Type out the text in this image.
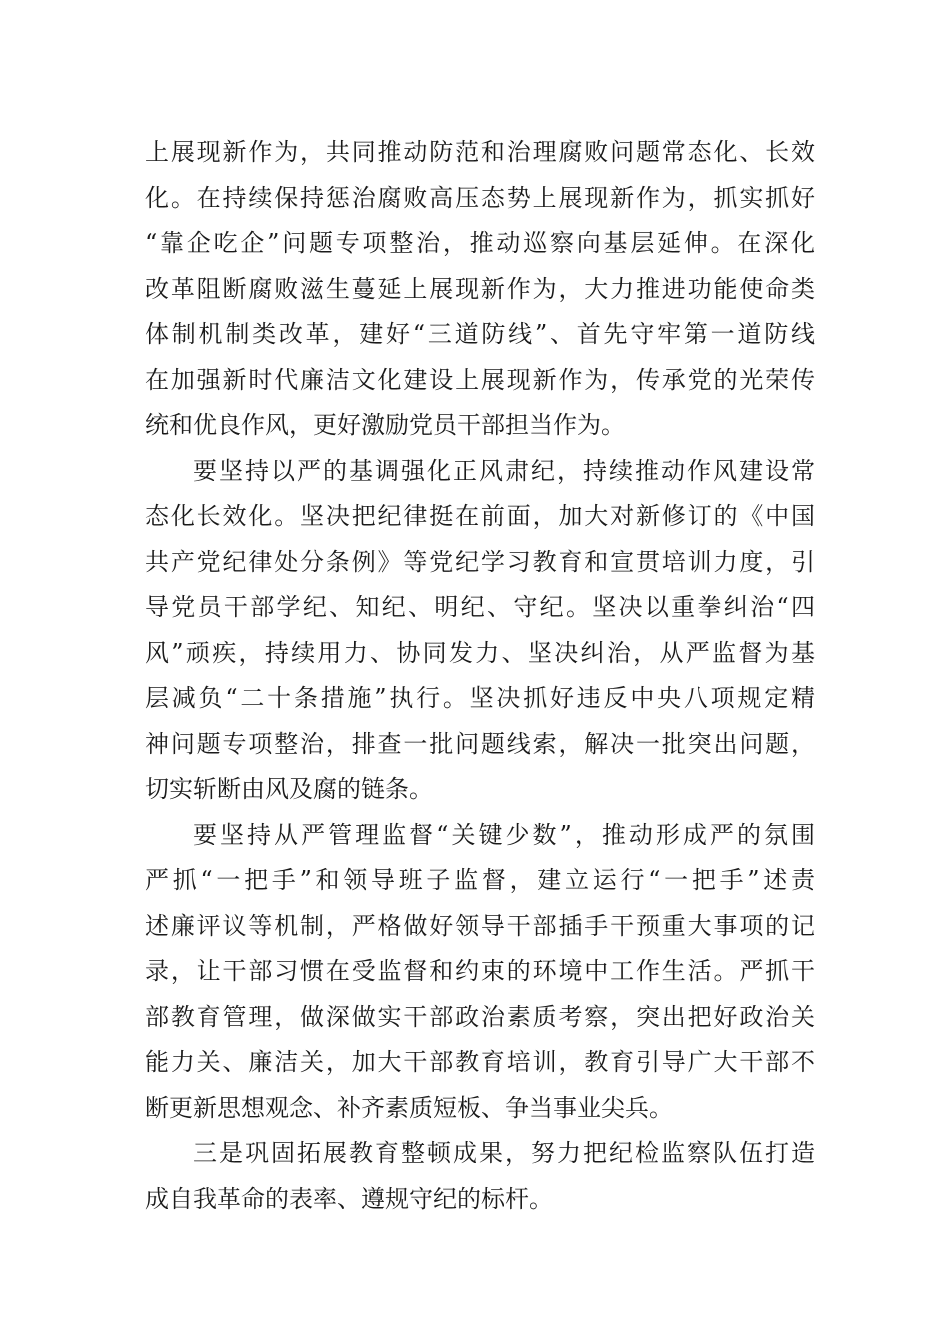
上展现新作为，共同推动防范和治理腐败问题常态化、长效
化。在持续保持惩治腐败高压态势上展现新作为，抓实抓好
“靠企吃企”问题专项整治，推动巡察向基层延伸。在深化
改革阻断腐败滋生蔓延上展现新作为，大力推进功能使命类
体制机制类改革，建好“三道防线”、首先守牢第一道防线
在加强新时代廉洁文化建设上展现新作为，传承党的光荣传
统和优良作风，更好激励党员干部担当作为。
要坚持以严的基调强化正风肃纪，持续推动作风建设常
态化长效化。坚决把纪律挺在前面，加大对新修订的《中国
共产党纪律处分条例》等党纪学习教育和宣贯培训力度，引
导党员干部学纪、知纪、明纪、守纪。坚决以重拳纠治“四
风”顽疾，持续用力、协同发力、坚决纠治，从严监督为基
层减负“二十条措施”执行。坚决抓好违反中央八项规定精
神问题专项整治，排查一批问题线索，解决一批突出问题，
切实斩断由风及腐的链条。
要坚持从严管理监督“关键少数”，推动形成严的氛围
严抓“一把手”和领导班子监督，建立运行“一把手”述责
述廉评议等机制，严格做好领导干部插手干预重大事项的记
录，让干部习惯在受监督和约束的环境中工作生活。严抓干
部教育管理，做深做实干部政治素质考察，突出把好政治关
能力关、廉洁关，加大干部教育培训，教育引导广大干部不
断更新思想观念、补齐素质短板、争当事业尖兵。
三是巩固拓展教育整顿成果，努力把纪检监察队伍打造
成自我革命的表率、遵规守纪的标杆。
